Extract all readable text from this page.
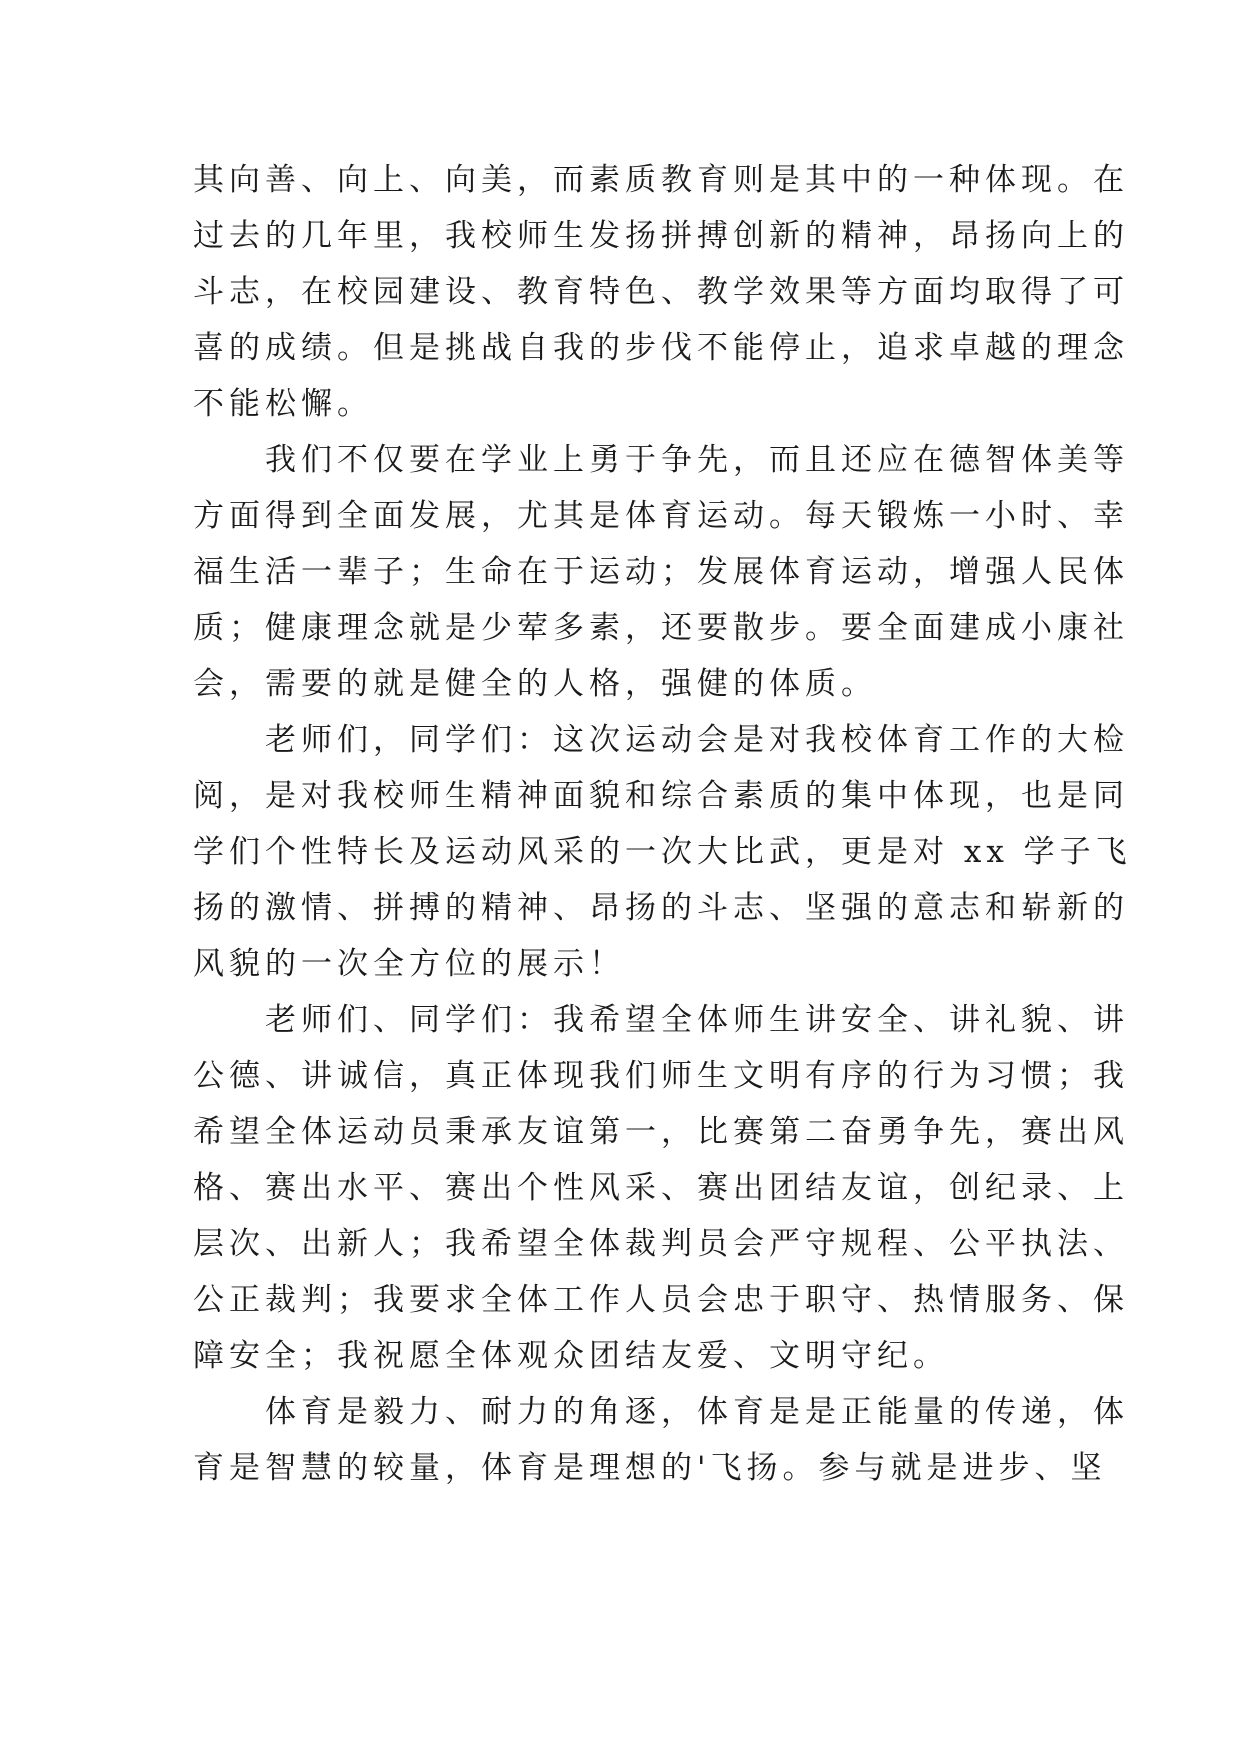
其向善、向上、向美，而素质教育则是其中的一种体现。在
过去的几年里，我校师生发扬拼搏创新的精神，昂扬向上的
斗志，在校园建设、教育特色、教学效果等方面均取得了可
喜的成绩。但是挑战自我的步伐不能停止，追求卓越的理念
不能松懈。
我们不仅要在学业上勇于争先，而且还应在德智体美等
方面得到全面发展，尤其是体育运动。每天锻炼一小时、幸
福生活一辈子；生命在于运动；发展体育运动，增强人民体
质；健康理念就是少荤多素，还要散步。要全面建成小康社
会，需要的就是健全的人格，强健的体质。
老师们，同学们：这次运动会是对我校体育工作的大检
阅，是对我校师生精神面貌和综合素质的集中体现，也是同
学们个性特长及运动风采的一次大比武，更是对 xx 学子飞
扬的激情、拼搏的精神、昂扬的斗志、坚强的意志和崭新的
风貌的一次全方位的展示！
老师们、同学们：我希望全体师生讲安全、讲礼貌、讲
公德、讲诚信，真正体现我们师生文明有序的行为习惯；我
希望全体运动员秉承友谊第一，比赛第二奋勇争先，赛出风
格、赛出水平、赛出个性风采、赛出团结友谊，创纪录、上
层次、出新人；我希望全体裁判员会严守规程、公平执法、
公正裁判；我要求全体工作人员会忠于职守、热情服务、保
障安全；我祝愿全体观众团结友爱、文明守纪。
体育是毅力、耐力的角逐，体育是是正能量的传递，体
育是智慧的较量，体育是理想的'飞扬。参与就是进步、坚
